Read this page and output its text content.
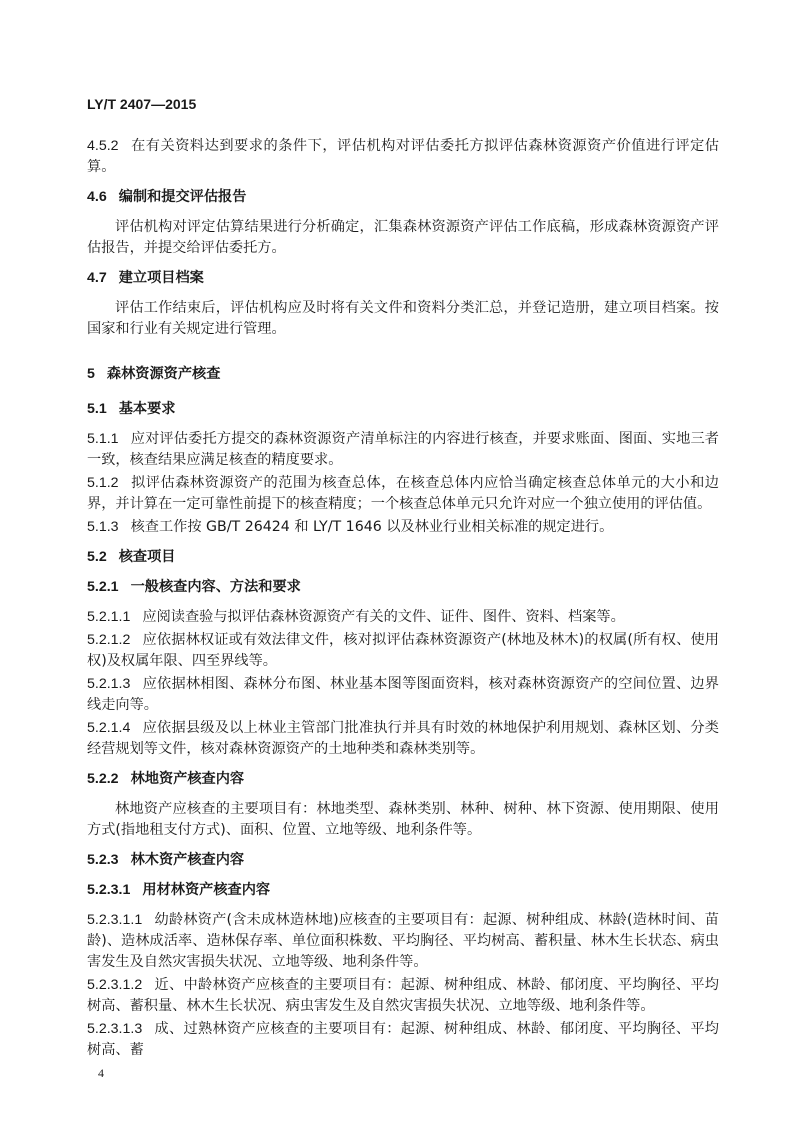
LY/T 2407—2015
4.5.2 在有关资料达到要求的条件下，评估机构对评估委托方拟评估森林资源资产价值进行评定估算。
4.6 编制和提交评估报告
评估机构对评定估算结果进行分析确定，汇集森林资源资产评估工作底稿，形成森林资源资产评估报告，并提交给评估委托方。
4.7 建立项目档案
评估工作结束后，评估机构应及时将有关文件和资料分类汇总，并登记造册，建立项目档案。按国家和行业有关规定进行管理。
5 森林资源资产核查
5.1 基本要求
5.1.1 应对评估委托方提交的森林资源资产清单标注的内容进行核查，并要求账面、图面、实地三者一致，核查结果应满足核查的精度要求。
5.1.2 拟评估森林资源资产的范围为核查总体，在核查总体内应恰当确定核查总体单元的大小和边界，并计算在一定可靠性前提下的核查精度；一个核查总体单元只允许对应一个独立使用的评估值。
5.1.3 核查工作按 GB/T 26424 和 LY/T 1646 以及林业行业相关标准的规定进行。
5.2 核查项目
5.2.1 一般核查内容、方法和要求
5.2.1.1 应阅读查验与拟评估森林资源资产有关的文件、证件、图件、资料、档案等。
5.2.1.2 应依据林权证或有效法律文件，核对拟评估森林资源资产(林地及林木)的权属(所有权、使用权)及权属年限、四至界线等。
5.2.1.3 应依据林相图、森林分布图、林业基本图等图面资料，核对森林资源资产的空间位置、边界线走向等。
5.2.1.4 应依据县级及以上林业主管部门批准执行并具有时效的林地保护利用规划、森林区划、分类经营规划等文件，核对森林资源资产的土地种类和森林类别等。
5.2.2 林地资产核查内容
林地资产应核查的主要项目有：林地类型、森林类别、林种、树种、林下资源、使用期限、使用方式(指地租支付方式)、面积、位置、立地等级、地利条件等。
5.2.3 林木资产核查内容
5.2.3.1 用材林资产核查内容
5.2.3.1.1 幼龄林资产(含未成林造林地)应核查的主要项目有：起源、树种组成、林龄(造林时间、苗龄)、造林成活率、造林保存率、单位面积株数、平均胸径、平均树高、蓄积量、林木生长状态、病虫害发生及自然灾害损失状况、立地等级、地利条件等。
5.2.3.1.2 近、中龄林资产应核查的主要项目有：起源、树种组成、林龄、郁闭度、平均胸径、平均树高、蓄积量、林木生长状况、病虫害发生及自然灾害损失状况、立地等级、地利条件等。
5.2.3.1.3 成、过熟林资产应核查的主要项目有：起源、树种组成、林龄、郁闭度、平均胸径、平均树高、蓄
4
